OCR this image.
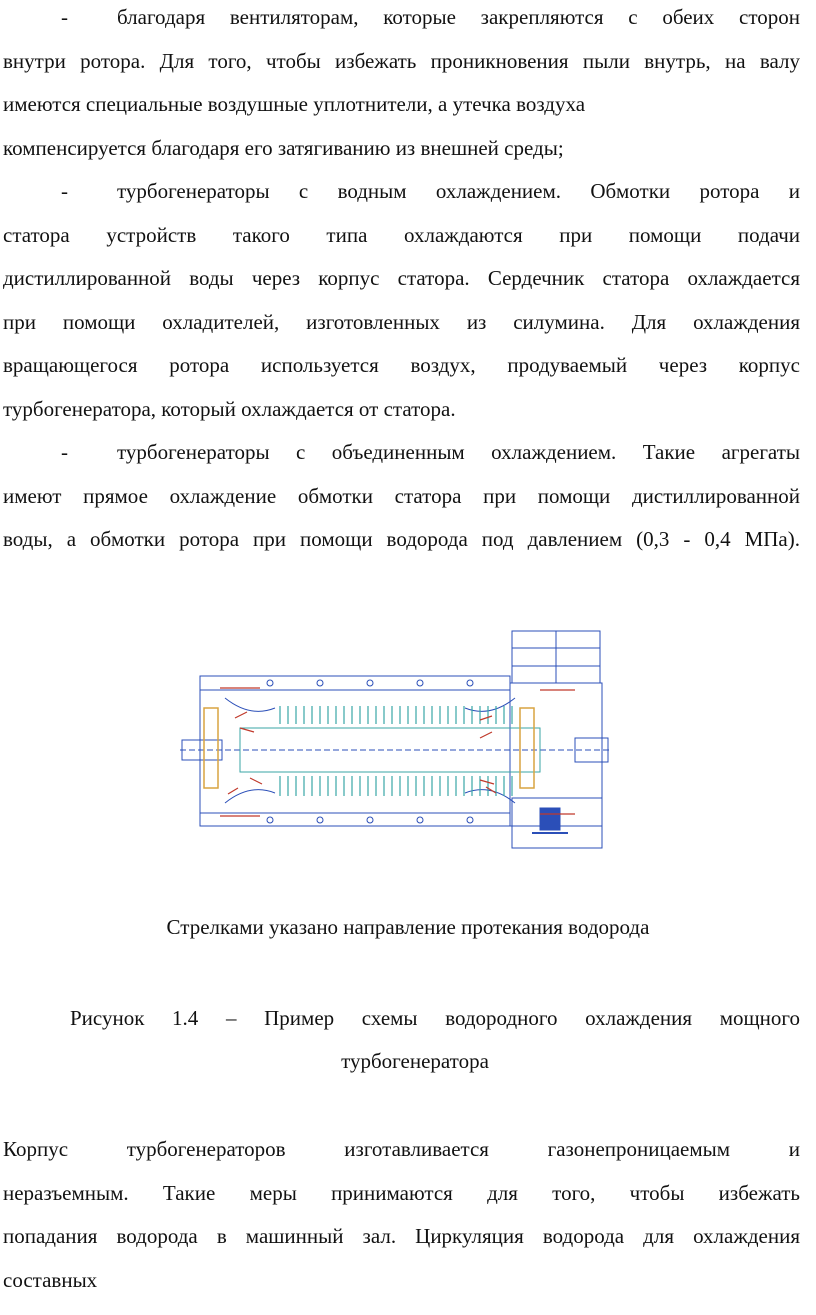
- благодаря вентиляторам, которые закрепляются с обеих сторон
внутри ротора. Для того, чтобы избежать проникновения пыли внутрь, на валу
имеются специальные воздушные уплотнители, а утечка воздуха
компенсируется благодаря его затягиванию из внешней среды;
- турбогенераторы с водным охлаждением. Обмотки ротора и
статора устройств такого типа охлаждаются при помощи подачи
дистиллированной воды через корпус статора. Сердечник статора охлаждается
при помощи охладителей, изготовленных из силумина. Для охлаждения
вращающегося ротора используется воздух, продуваемый через корпус
турбогенератора, который охлаждается от статора.
- турбогенераторы с объединенным охлаждением. Такие агрегаты
имеют прямое охлаждение обмотки статора при помощи дистиллированной
воды, а обмотки ротора при помощи водорода под давлением (0,3 - 0,4 МПа).
Стрелками указано направление протекания водорода
Рисунок 1.4 – Пример схемы водородного охлаждения мощного
турбогенератора
Корпус турбогенераторов изготавливается газонепроницаемым и
неразъемным. Такие меры принимаются для того, чтобы избежать
попадания водорода в машинный зал. Циркуляция водорода для охлаждения
составных
